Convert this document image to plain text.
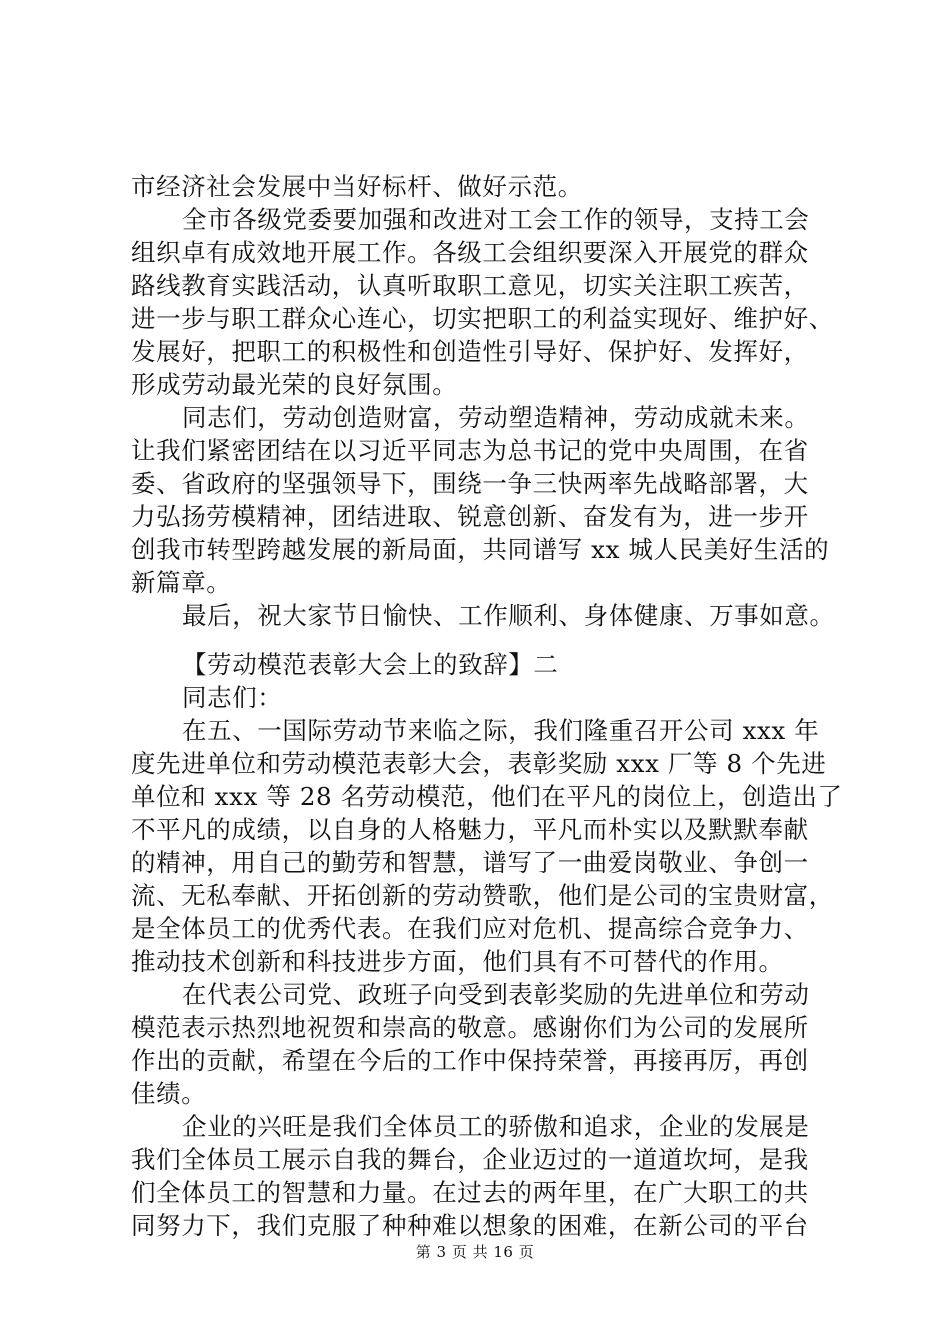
市经济社会发展中当好标杆、做好示范。
全市各级党委要加强和改进对工会工作的领导，支持工会
组织卓有成效地开展工作。各级工会组织要深入开展党的群众
路线教育实践活动，认真听取职工意见，切实关注职工疾苦，
进一步与职工群众心连心，切实把职工的利益实现好、维护好、
发展好，把职工的积极性和创造性引导好、保护好、发挥好，
形成劳动最光荣的良好氛围。
同志们，劳动创造财富，劳动塑造精神，劳动成就未来。
让我们紧密团结在以习近平同志为总书记的党中央周围，在省
委、省政府的坚强领导下，围绕一争三快两率先战略部署，大
力弘扬劳模精神，团结进取、锐意创新、奋发有为，进一步开
创我市转型跨越发展的新局面，共同谱写 xx 城人民美好生活的
新篇章。
最后，祝大家节日愉快、工作顺利、身体健康、万事如意。
【劳动模范表彰大会上的致辞】二
同志们：
在五、一国际劳动节来临之际，我们隆重召开公司 xxx 年
度先进单位和劳动模范表彰大会，表彰奖励 xxx 厂等 8 个先进
单位和 xxx 等 28 名劳动模范，他们在平凡的岗位上，创造出了
不平凡的成绩，以自身的人格魅力，平凡而朴实以及默默奉献
的精神，用自己的勤劳和智慧，谱写了一曲爱岗敬业、争创一
流、无私奉献、开拓创新的劳动赞歌，他们是公司的宝贵财富，
是全体员工的优秀代表。在我们应对危机、提高综合竞争力、
推动技术创新和科技进步方面，他们具有不可替代的作用。
在代表公司党、政班子向受到表彰奖励的先进单位和劳动
模范表示热烈地祝贺和崇高的敬意。感谢你们为公司的发展所
作出的贡献，希望在今后的工作中保持荣誉，再接再厉，再创
佳绩。
企业的兴旺是我们全体员工的骄傲和追求，企业的发展是
我们全体员工展示自我的舞台，企业迈过的一道道坎坷，是我
们全体员工的智慧和力量。在过去的两年里，在广大职工的共
同努力下，我们克服了种种难以想象的困难，在新公司的平台
第 3 页 共 16 页
